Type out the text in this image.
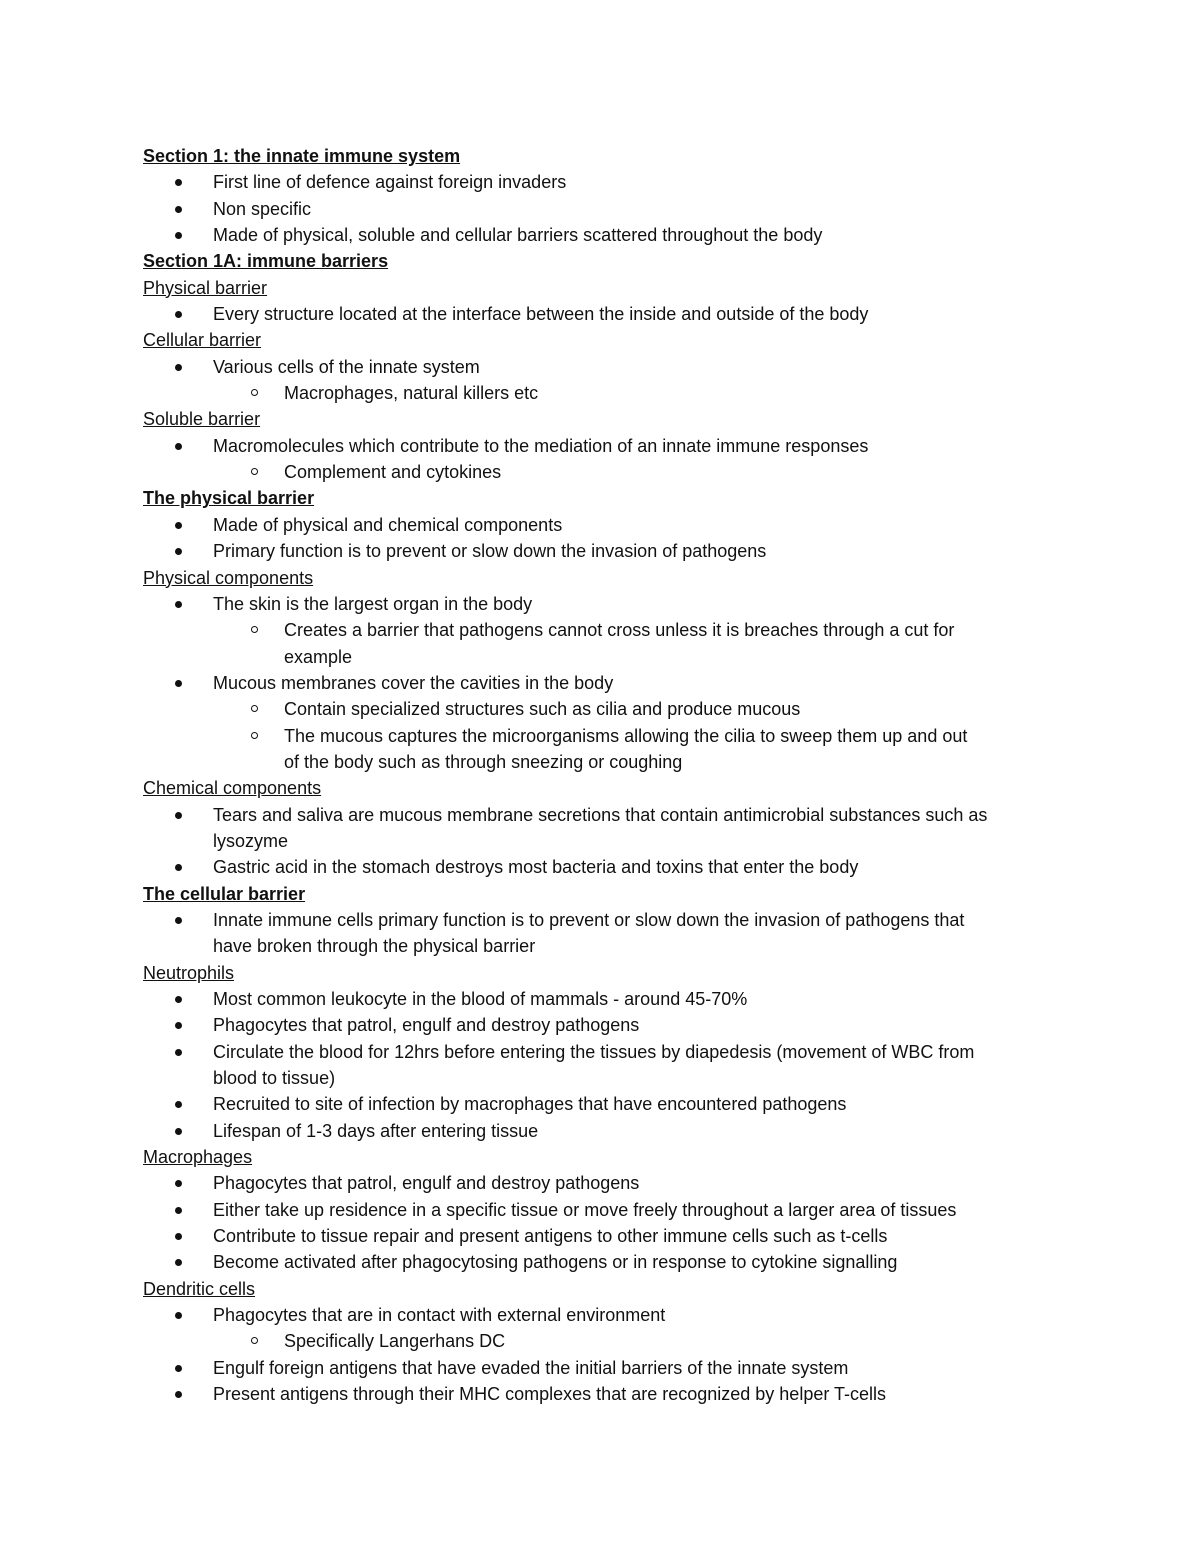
Section 1: the innate immune system
First line of defence against foreign invaders
Non specific
Made of physical, soluble and cellular barriers scattered throughout the body
Section 1A: immune barriers
Physical barrier
Every structure located at the interface between the inside and outside of the body
Cellular barrier
Various cells of the innate system
Macrophages, natural killers etc
Soluble barrier
Macromolecules which contribute to the mediation of an innate immune responses
Complement and cytokines
The physical barrier
Made of physical and chemical components
Primary function is to prevent or slow down the invasion of pathogens
Physical components
The skin is the largest organ in the body
Creates a barrier that pathogens cannot cross unless it is breaches through a cut for
example
Mucous membranes cover the cavities in the body
Contain specialized structures such as cilia and produce mucous
The mucous captures the microorganisms allowing the cilia to sweep them up and out
of the body such as through sneezing or coughing
Chemical components
Tears and saliva are mucous membrane secretions that contain antimicrobial substances such as
lysozyme
Gastric acid in the stomach destroys most bacteria and toxins that enter the body
The cellular barrier
Innate immune cells primary function is to prevent or slow down the invasion of pathogens that
have broken through the physical barrier
Neutrophils
Most common leukocyte in the blood of mammals - around 45-70%
Phagocytes that patrol, engulf and destroy pathogens
Circulate the blood for 12hrs before entering the tissues by diapedesis (movement of WBC from
blood to tissue)
Recruited to site of infection by macrophages that have encountered pathogens
Lifespan of 1-3 days after entering tissue
Macrophages
Phagocytes that patrol, engulf and destroy pathogens
Either take up residence in a specific tissue or move freely throughout a larger area of tissues
Contribute to tissue repair and present antigens to other immune cells such as t-cells
Become activated after phagocytosing pathogens or in response to cytokine signalling
Dendritic cells
Phagocytes that are in contact with external environment
Specifically Langerhans DC
Engulf foreign antigens that have evaded the initial barriers of the innate system
Present antigens through their MHC complexes that are recognized by helper T-cells
